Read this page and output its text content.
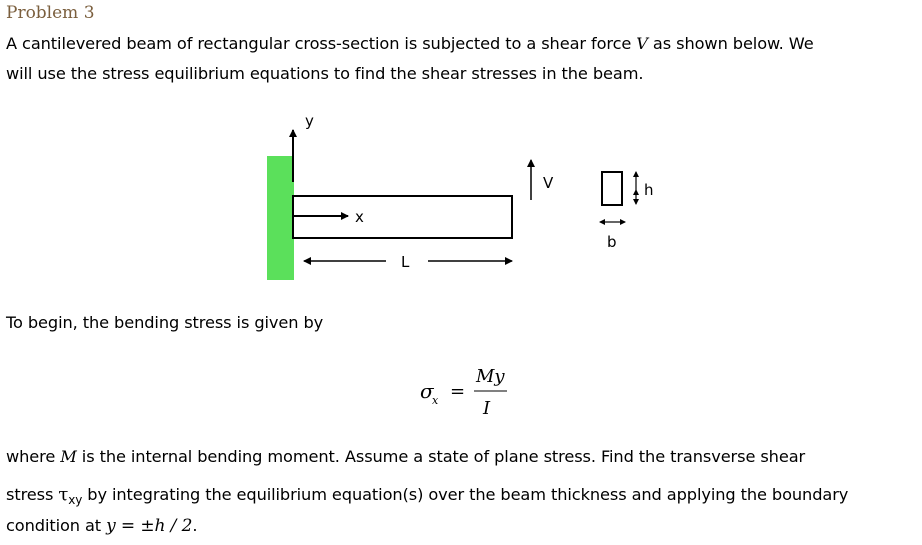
Problem 3
A cantilevered beam of rectangular cross-section is subjected to a shear force V as shown below. We
will use the stress equilibrium equations to find the shear stresses in the beam.
y
x
L
V	h
b
To begin, the bending stress is given by
σ
x =
My
I
where M is the internal bending moment. Assume a state of plane stress. Find the transverse shear
stress $\tau_{xy}$ by integrating the equilibrium equation(s) over the beam thickness and applying the boundary
condition at y = ±h / 2.
